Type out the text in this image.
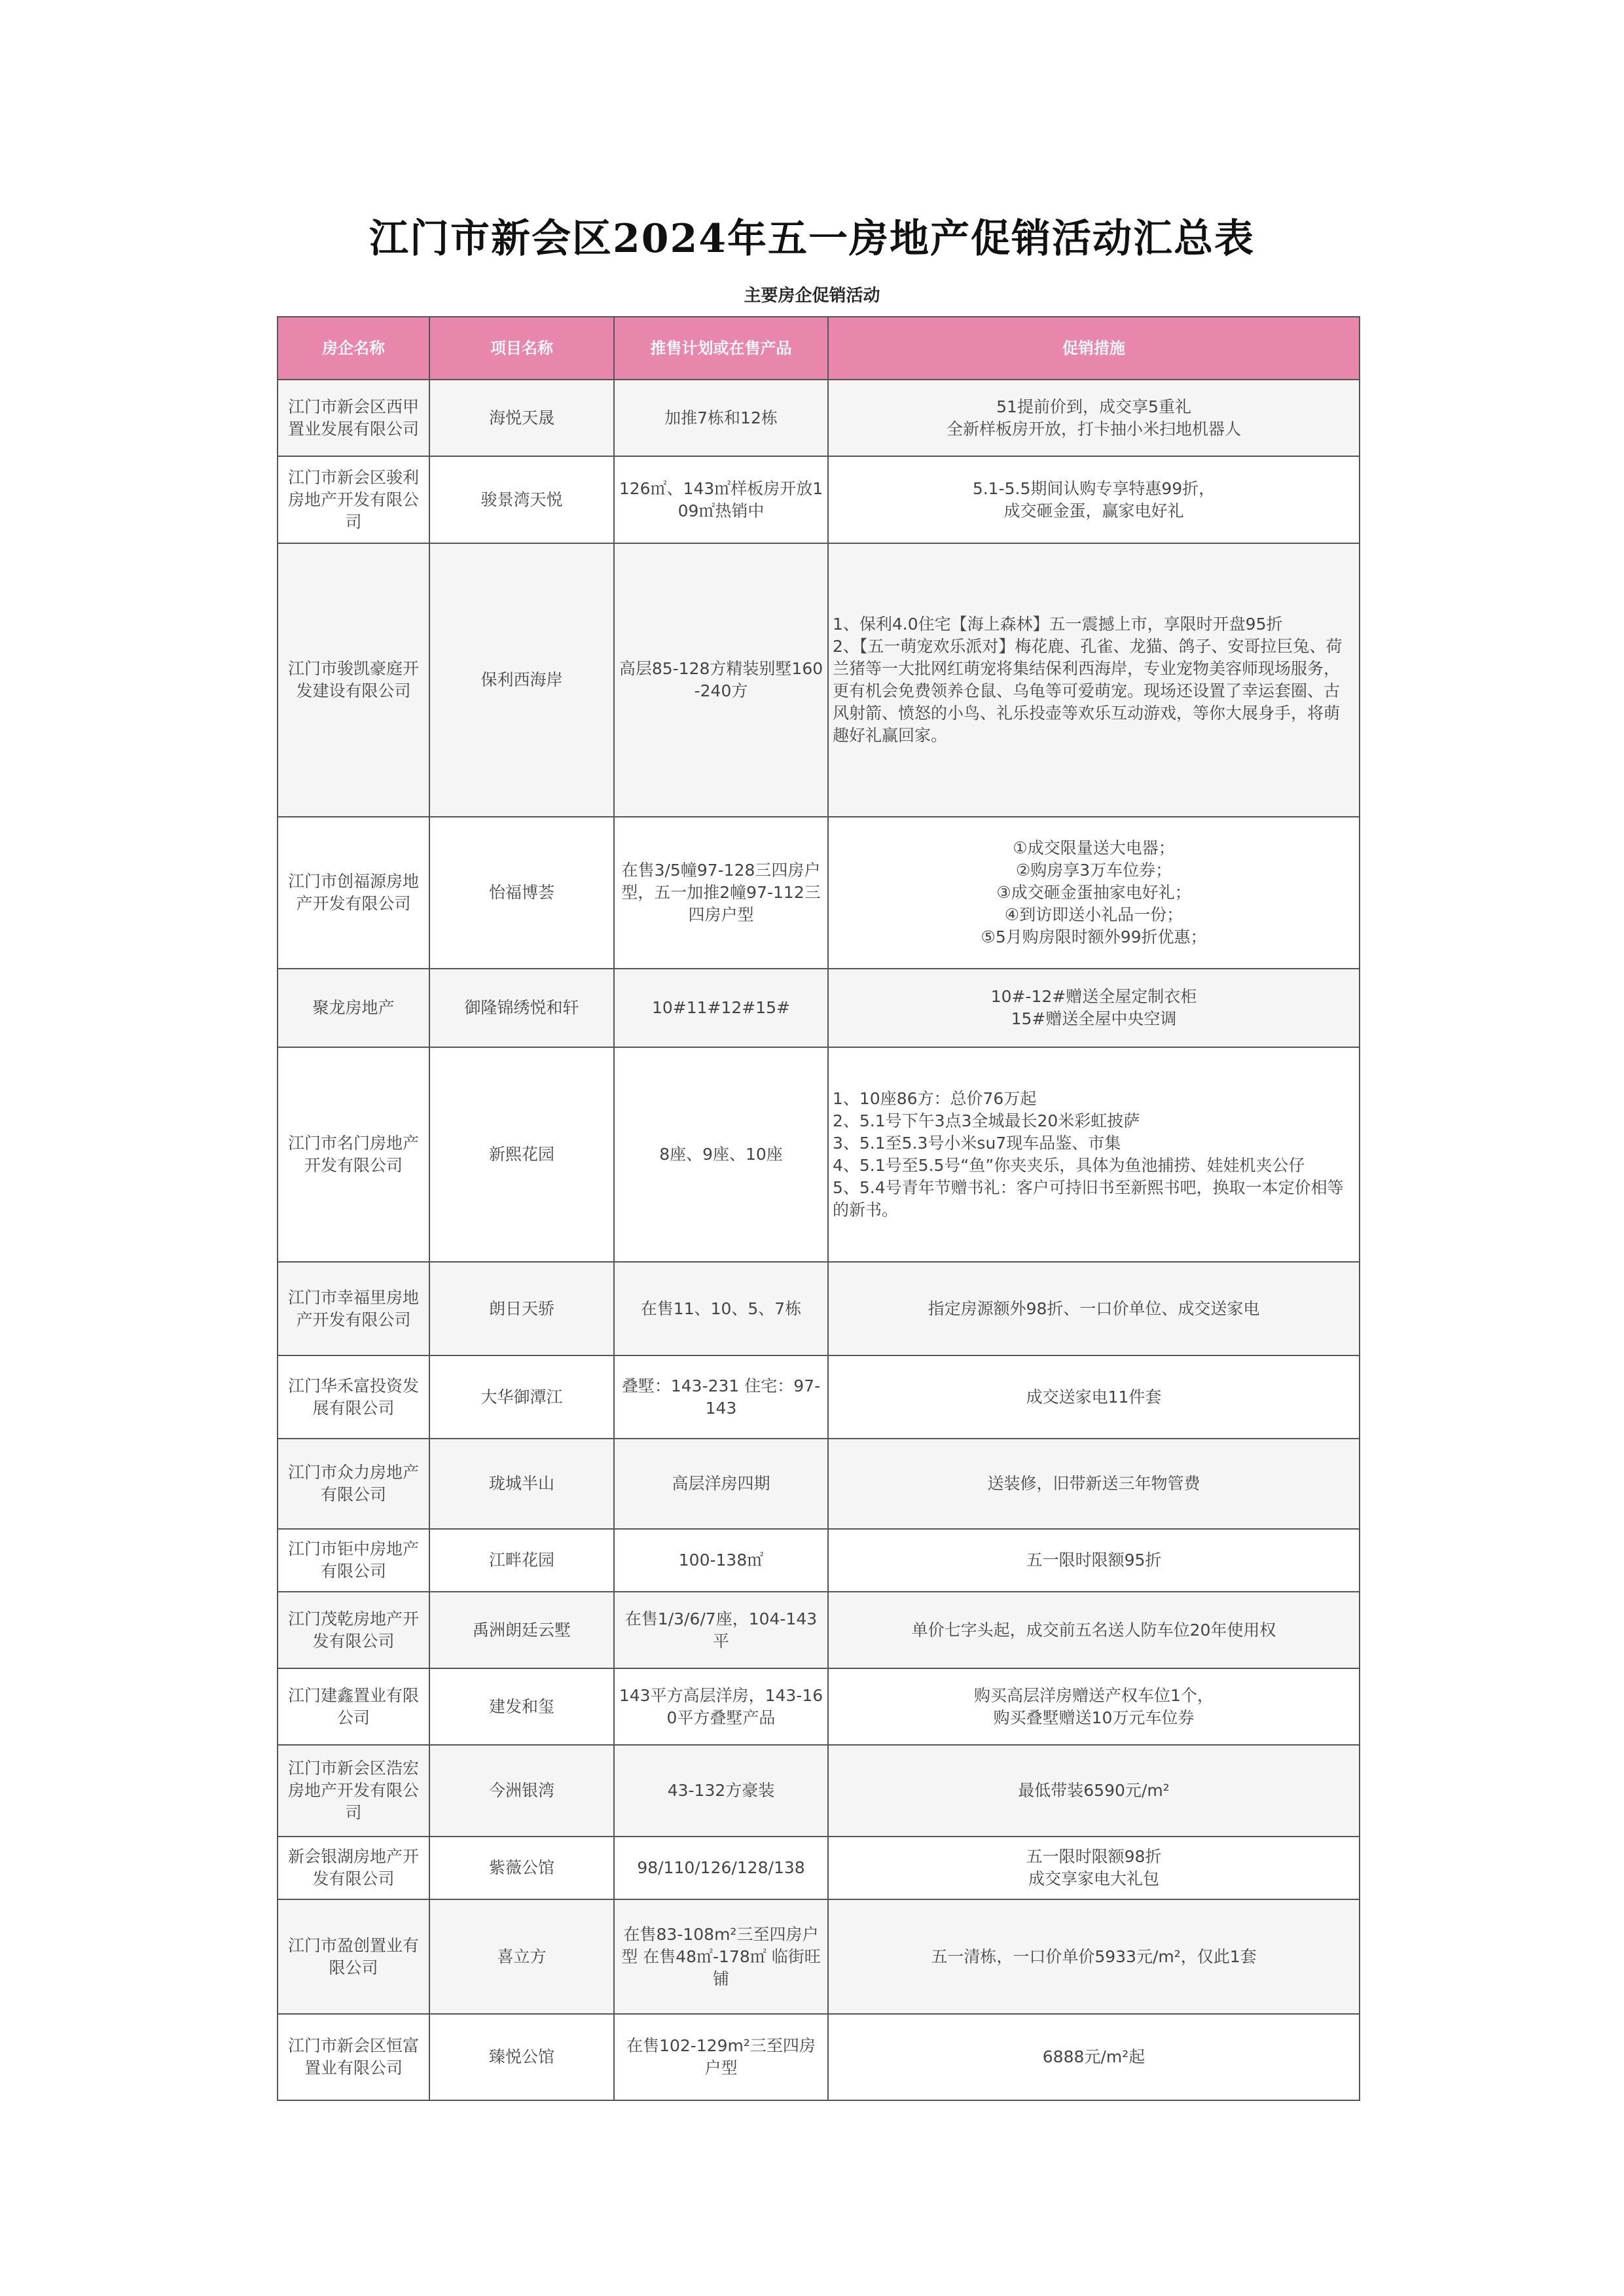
江门市新会区2024年五一房地产促销活动汇总表
主要房企促销活动
房企名称	项目名称	推售计划或在售产品	促销措施
江门市新会区西甲置业发展有限公司	海悦天晟	加推7栋和12栋	51提前价到，成交享5重礼
全新样板房开放，打卡抽小米扫地机器人

江门市新会区骏利房地产开发有限公司	骏景湾天悦	126㎡、143㎡样板房开放109㎡热销中	5.1-5.5期间认购专享特惠99折，
成交砸金蛋，赢家电好礼

江门市骏凯豪庭开发建设有限公司	保利西海岸	高层85-128方精装别墅160-240方	1、保利4.0住宅【海上森林】五一震撼上市，享限时开盘95折
2、【五一萌宠欢乐派对】梅花鹿、孔雀、龙猫、鸽子、安哥拉巨兔、荷兰猪等一大批网红萌宠将集结保利西海岸，专业宠物美容师现场服务，更有机会免费领养仓鼠、乌龟等可爱萌宠。现场还设置了幸运套圈、古风射箭、愤怒的小鸟、礼乐投壶等欢乐互动游戏，等你大展身手，将萌趣好礼赢回家。

江门市创福源房地产开发有限公司	怡福博荟	在售3/5幢97-128三四房户型，五一加推2幢97-112三四房户型	①成交限量送大电器；
②购房享3万车位券；
③成交砸金蛋抽家电好礼；
④到访即送小礼品一份；
⑤5月购房限时额外99折优惠；

聚龙房地产	御隆锦绣悦和轩	10#11#12#15#	10#-12#赠送全屋定制衣柜
15#赠送全屋中央空调

江门市名门房地产开发有限公司	新熙花园	8座、9座、10座	1、10座86方：总价76万起
2、5.1号下午3点3全城最长20米彩虹披萨
3、5.1至5.3号小米su7现车品鉴、市集
4、5.1号至5.5号“鱼”你夹夹乐，具体为鱼池捕捞、娃娃机夹公仔
5、5.4号青年节赠书礼：客户可持旧书至新熙书吧，换取一本定价相等的新书。

江门市幸福里房地产开发有限公司	朗日天骄	在售11、10、5、7栋	指定房源额外98折、一口价单位、成交送家电

江门华禾富投资发展有限公司	大华御潭江	叠墅：143-231 住宅：97-143	成交送家电11件套

江门市众力房地产有限公司	珑城半山	高层洋房四期	送装修，旧带新送三年物管费

江门市钜中房地产有限公司	江畔花园	100-138㎡	五一限时限额95折

江门茂乾房地产开发有限公司	禹洲朗廷云墅	在售1/3/6/7座，104-143平	单价七字头起，成交前五名送人防车位20年使用权

江门建鑫置业有限公司	建发和玺	143平方高层洋房，143-160平方叠墅产品	购买高层洋房赠送产权车位1个，
购买叠墅赠送10万元车位券

江门市新会区浩宏房地产开发有限公司	今洲银湾	43-132方豪装	最低带装6590元/m²

新会银湖房地产开发有限公司	紫薇公馆	98/110/126/128/138	五一限时限额98折
成交享家电大礼包

江门市盈创置业有限公司	喜立方	在售83-108m²三至四房户型 在售48㎡-178㎡ 临街旺铺	五一清栋，一口价单价5933元/m²，仅此1套

江门市新会区恒富置业有限公司	臻悦公馆	在售102-129m²三至四房户型	6888元/m²起
